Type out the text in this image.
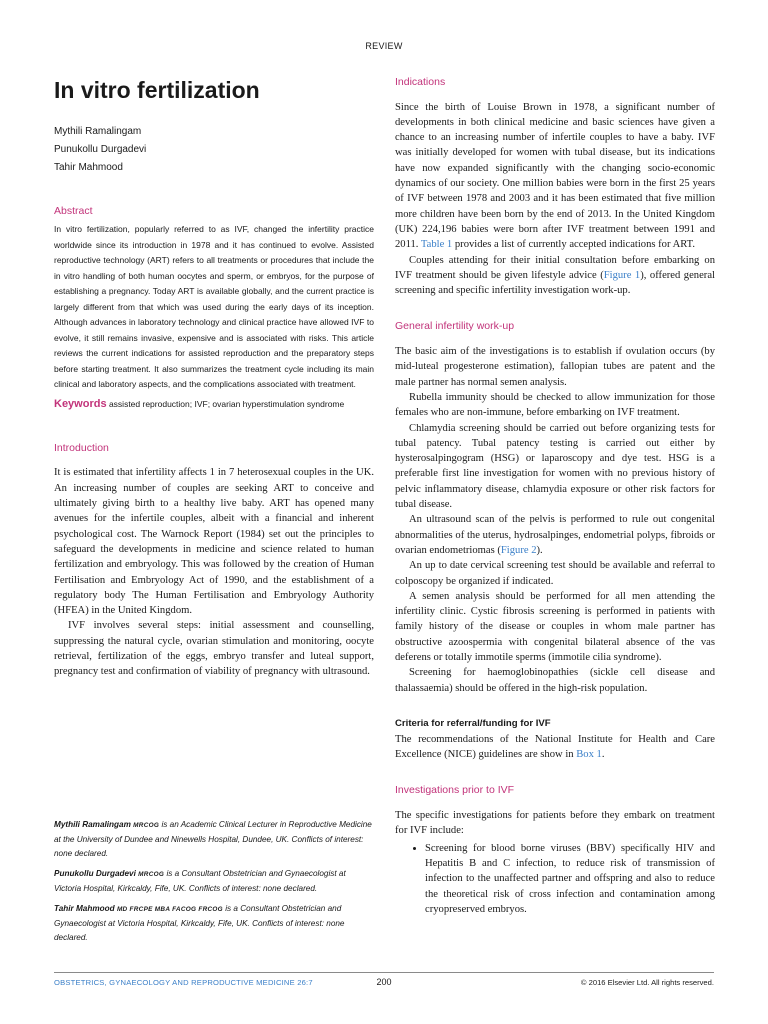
REVIEW
In vitro fertilization
Mythili Ramalingam
Punukollu Durgadevi
Tahir Mahmood
Abstract

In vitro fertilization, popularly referred to as IVF, changed the infertility practice worldwide since its introduction in 1978 and it has continued to evolve. Assisted reproductive technology (ART) refers to all treatments or procedures that include the in vitro handling of both human oocytes and sperm, or embryos, for the purpose of establishing a pregnancy. Today ART is available globally, and the current practice is largely different from that which was used during the early days of its inception. Although advances in laboratory technology and clinical practice have allowed IVF to evolve, it still remains invasive, expensive and is associated with risks. This article reviews the current indications for assisted reproduction and the preparatory steps before starting treatment. It also summarizes the treatment cycle including its main clinical and laboratory aspects, and the complications associated with treatment.

Keywords assisted reproduction; IVF; ovarian hyperstimulation syndrome

Introduction

It is estimated that infertility affects 1 in 7 heterosexual couples in the UK. An increasing number of couples are seeking ART to conceive and ultimately giving birth to a healthy live baby. ART has opened many avenues for the infertile couples, albeit with a financial and inherent psychological cost. The Warnock Report (1984) set out the principles to safeguard the developments in medicine and science related to human fertilization and embryology. This was followed by the creation of Human Fertilisation and Embryology Act of 1990, and the establishment of a regulatory body The Human Fertilisation and Embryology Authority (HFEA) in the United Kingdom.

IVF involves several steps: initial assessment and counselling, suppressing the natural cycle, ovarian stimulation and monitoring, oocyte retrieval, fertilization of the eggs, embryo transfer and luteal support, pregnancy test and confirmation of viability of pregnancy with ultrasound.

Mythili Ramalingam MRCOG is an Academic Clinical Lecturer in Reproductive Medicine at the University of Dundee and Ninewells Hospital, Dundee, UK. Conflicts of interest: none declared.

Punukollu Durgadevi MRCOG is a Consultant Obstetrician and Gynaecologist at Victoria Hospital, Kirkcaldy, Fife, UK. Conflicts of interest: none declared.

Tahir Mahmood MD FRCPE MBA FACOG FRCOG is a Consultant Obstetrician and Gynaecologist at Victoria Hospital, Kirkcaldy, Fife, UK. Conflicts of interest: none declared.

Indications

Since the birth of Louise Brown in 1978, a significant number of developments in both clinical medicine and basic sciences have given a chance to an increasing number of infertile couples to have a baby. IVF was initially developed for women with tubal disease, but its indications have now expanded significantly with the changing socio-economic dynamics of our society. One million babies were born in the first 25 years of IVF between 1978 and 2003 and it has been estimated that five million more children have been born by the end of 2013. In the United Kingdom (UK) 224,196 babies were born after IVF treatment between 1991 and 2011. Table 1 provides a list of currently accepted indications for ART.

Couples attending for their initial consultation before embarking on IVF treatment should be given lifestyle advice (Figure 1), offered general screening and specific infertility investigation work-up.

General infertility work-up

The basic aim of the investigations is to establish if ovulation occurs (by mid-luteal progesterone estimation), fallopian tubes are patent and the male partner has normal semen analysis.

Rubella immunity should be checked to allow immunization for those females who are non-immune, before embarking on IVF treatment.

Chlamydia screening should be carried out before organizing tests for tubal patency. Tubal patency testing is carried out either by hysterosalpingogram (HSG) or laparoscopy and dye test. HSG is a preferable first line investigation for women with no previous history of pelvic inflammatory disease, chlamydia exposure or other risk factors for tubal disease.

An ultrasound scan of the pelvis is performed to rule out congenital abnormalities of the uterus, hydrosalpinges, endometrial polyps, fibroids or ovarian endometriomas (Figure 2).

An up to date cervical screening test should be available and referral to colposcopy be organized if indicated.

A semen analysis should be performed for all men attending the infertility clinic. Cystic fibrosis screening is performed in patients with family history of the disease or couples in whom male partner has obstructive azoospermia with congenital bilateral absence of the vas deferens or totally immotile sperms (immotile cilia syndrome).

Screening for haemoglobinopathies (sickle cell disease and thalassaemia) should be offered in the high-risk population.

Criteria for referral/funding for IVF

The recommendations of the National Institute for Health and Care Excellence (NICE) guidelines are show in Box 1.

Investigations prior to IVF

The specific investigations for patients before they embark on treatment for IVF include:

• Screening for blood borne viruses (BBV) specifically HIV and Hepatitis B and C infection, to reduce risk of transmission of infection to the unaffected partner and offspring and also to reduce the theoretical risk of cross infection and contamination among cryopreserved embryos.
OBSTETRICS, GYNAECOLOGY AND REPRODUCTIVE MEDICINE 26:7	200	© 2016 Elsevier Ltd. All rights reserved.
